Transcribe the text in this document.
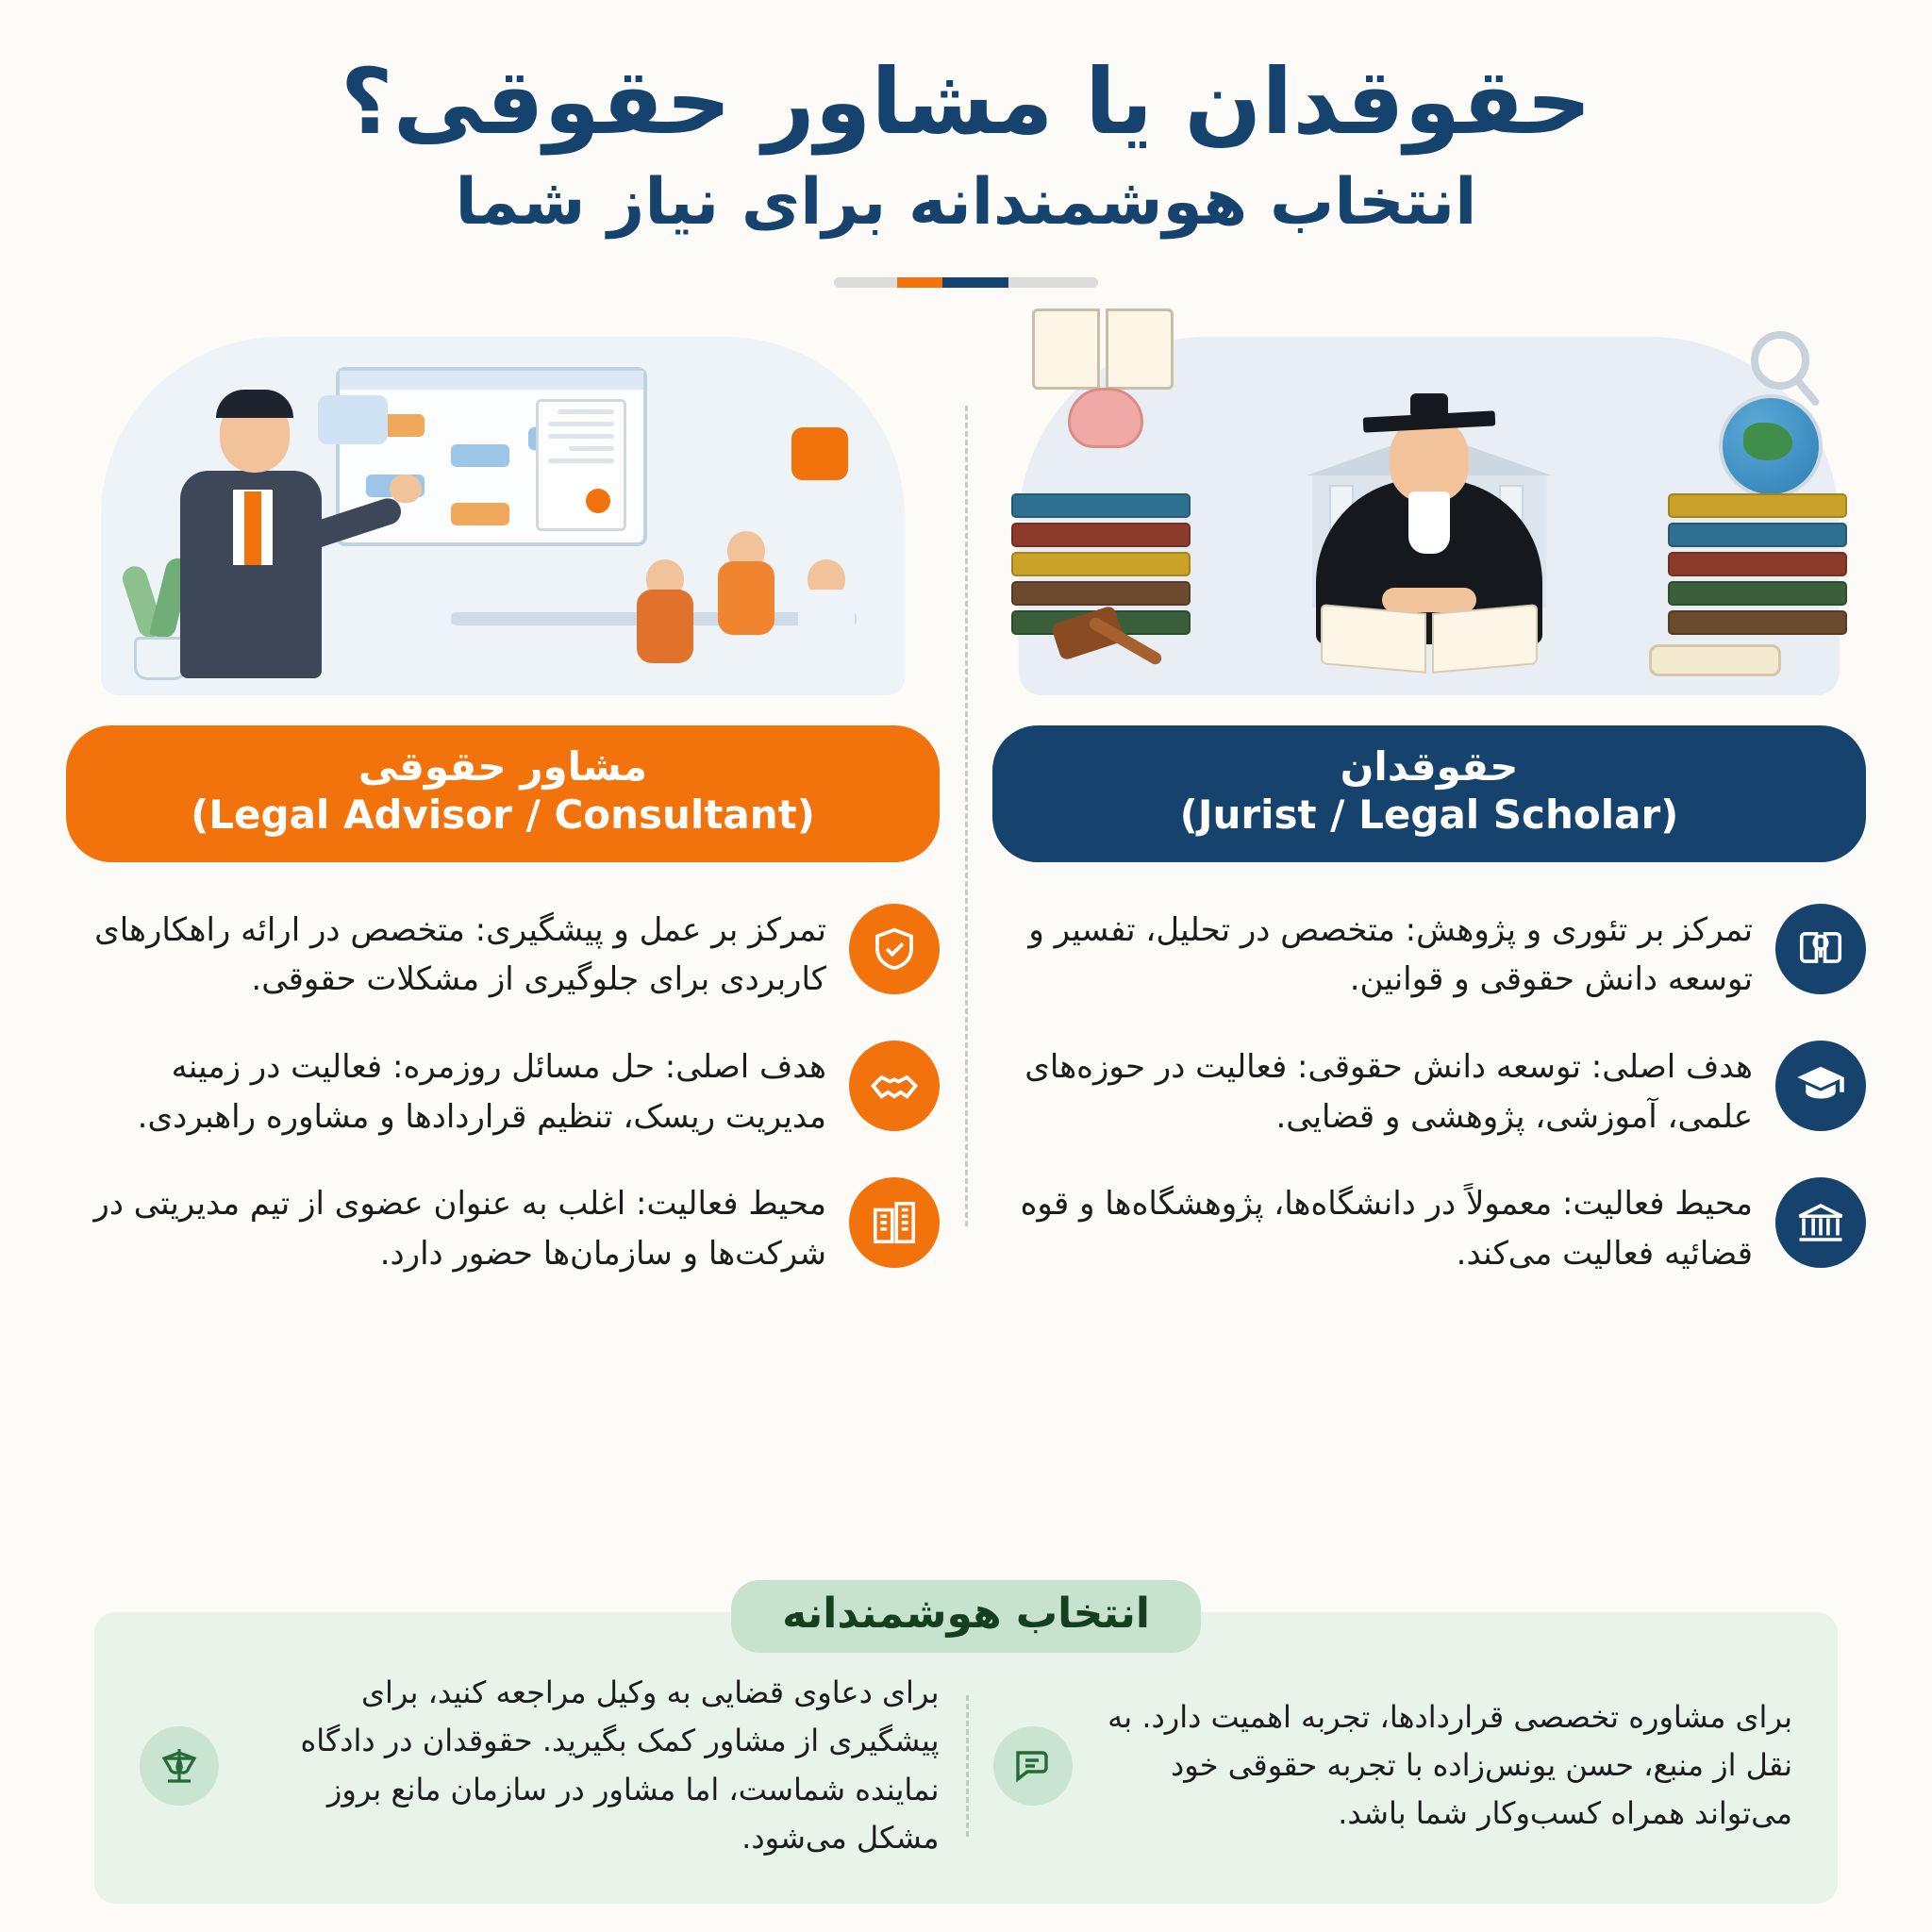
حقوقدان یا مشاور حقوقی؟
انتخاب هوشمندانه برای نیاز شما
حقوقدان
(Jurist / Legal Scholar)
تمرکز بر تئوری و پژوهش: متخصص در تحلیل، تفسیر و توسعه دانش حقوقی و قوانین.
هدف اصلی: توسعه دانش حقوقی: فعالیت در حوزه‌های علمی، آموزشی، پژوهشی و قضایی.
محیط فعالیت: معمولاً در دانشگاه‌ها، پژوهشگاه‌ها و قوه قضائیه فعالیت می‌کند.
مشاور حقوقی
(Legal Advisor / Consultant)
تمرکز بر عمل و پیشگیری: متخصص در ارائه راهکارهای کاربردی برای جلوگیری از مشکلات حقوقی.
هدف اصلی: حل مسائل روزمره: فعالیت در زمینه مدیریت ریسک، تنظیم قراردادها و مشاوره راهبردی.
محیط فعالیت: اغلب به عنوان عضوی از تیم مدیریتی در شرکت‌ها و سازمان‌ها حضور دارد.
انتخاب هوشمندانه
برای مشاوره تخصصی قراردادها، تجربه اهمیت دارد. به نقل از منبع، حسن یونس‌زاده با تجربه حقوقی خود می‌تواند همراه کسب‌وکار شما باشد.
برای دعاوی قضایی به وکیل مراجعه کنید، برای پیشگیری از مشاور کمک بگیرید. حقوقدان در دادگاه نماینده شماست، اما مشاور در سازمان مانع بروز مشکل می‌شود.
